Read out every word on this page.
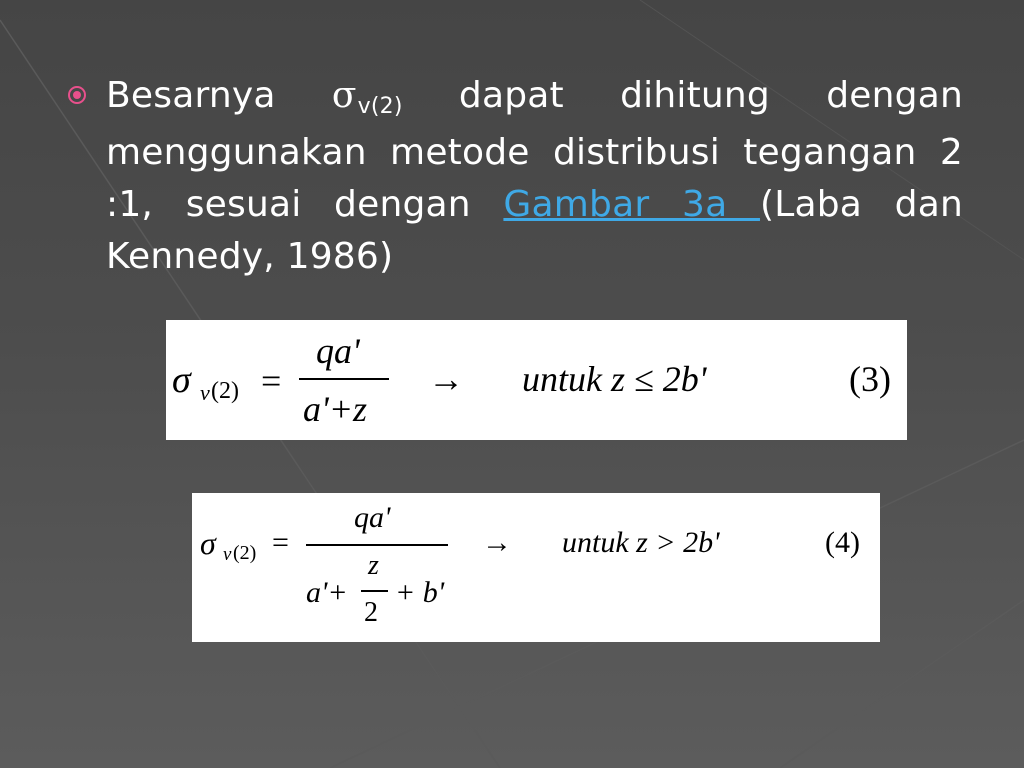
Besarnya σv(2) dapat dihitung dengan menggunakan metode distribusi tegangan 2 :1, sesuai dengan Gambar 3a (Laba dan Kennedy, 1986)
σ v (2) =
qa'
a'+z
→ untuk z ≤ 2b'	(3)
σ v (2) =
qa'
a'+
z
2
+ b'
→ untuk z > 2b'	(4)
